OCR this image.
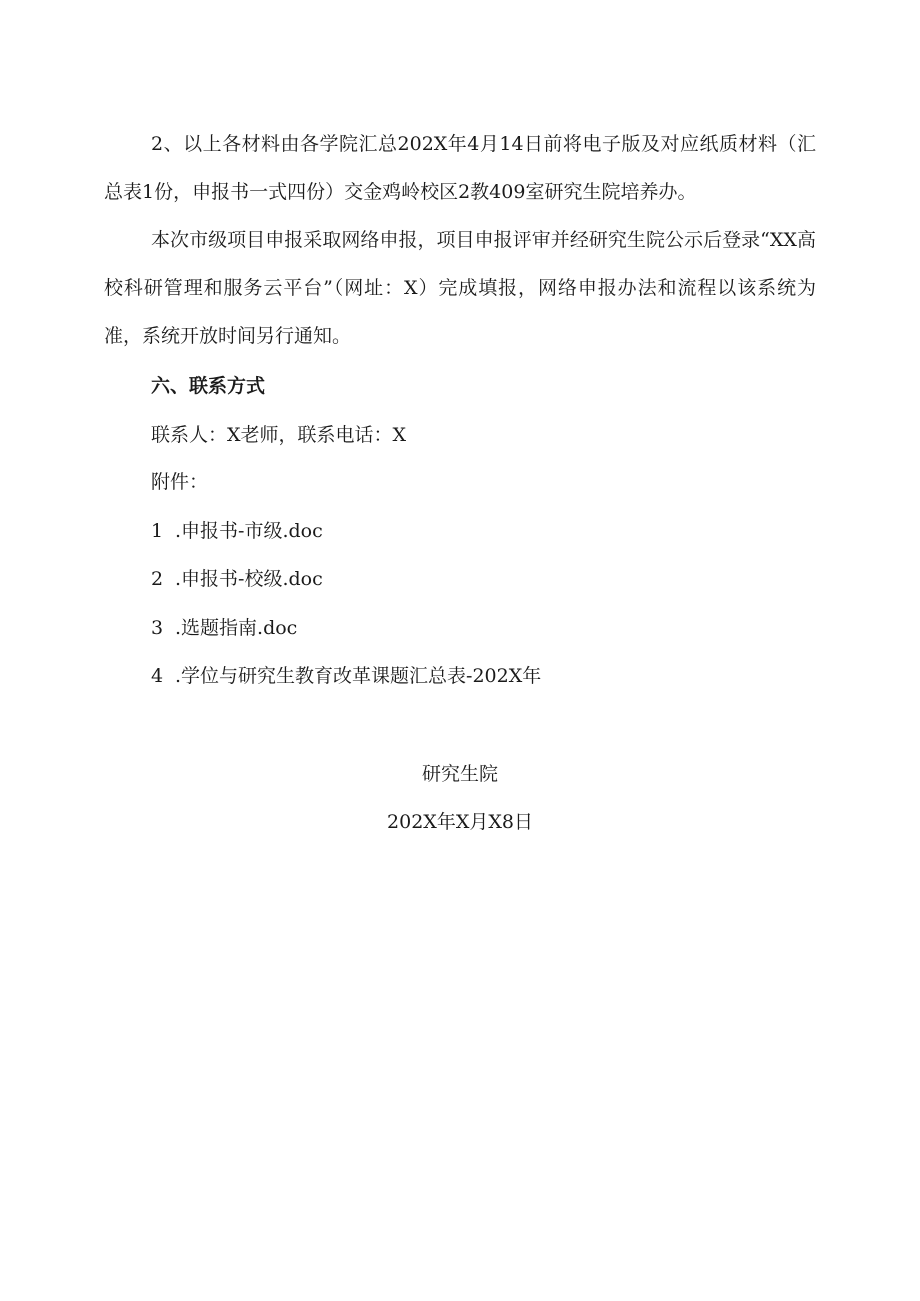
2、以上各材料由各学院汇总202X年4月14日前将电子版及对应纸质材料（汇总表1份，申报书一式四份）交金鸡岭校区2教409室研究生院培养办。

本次市级项目申报采取网络申报，项目申报评审并经研究生院公示后登录“XX高校科研管理和服务云平台”（网址：X）完成填报，网络申报办法和流程以该系统为准，系统开放时间另行通知。

六、联系方式

联系人：X老师，联系电话：X

附件：

1 .申报书-市级.doc

2 .申报书-校级.doc

3 .选题指南.doc

4 .学位与研究生教育改革课题汇总表-202X年

研究生院

202X年X月X8日
